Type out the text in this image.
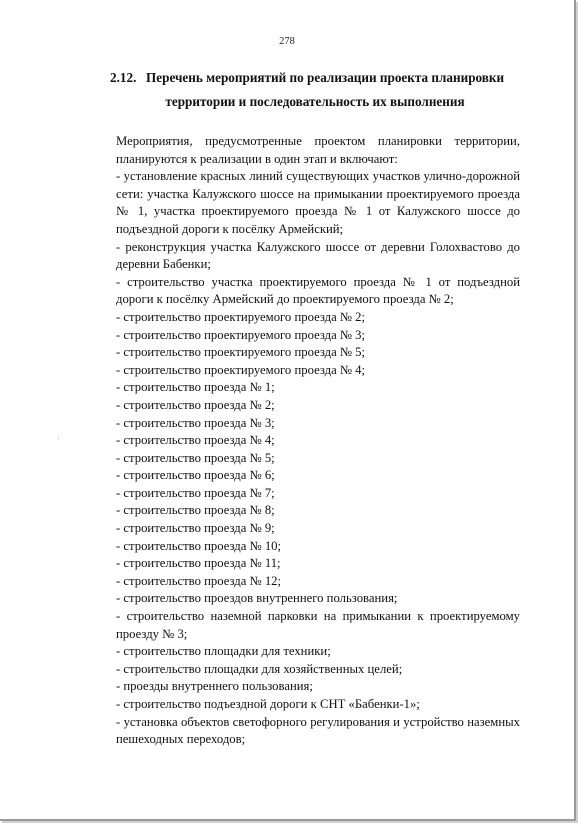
278
2.12. Перечень мероприятий по реализации проекта планировки
территории и последовательность их выполнения

Мероприятия, предусмотренные проектом планировки территории, планируются к реализации в один этап и включают:

- установление красных линий существующих участков улично-дорожной сети: участка Калужского шоссе на примыкании проектируемого проезда № 1, участка проектируемого проезда № 1 от Калужского шоссе до подъездной дороги к посёлку Армейский;

- реконструкция участка Калужского шоссе от деревни Голохвастово до деревни Бабенки;

- строительство участка проектируемого проезда № 1 от подъездной дороги к посёлку Армейский до проектируемого проезда № 2;

- строительство проектируемого проезда № 2;

- строительство проектируемого проезда № 3;

- строительство проектируемого проезда № 5;

- строительство проектируемого проезда № 4;

- строительство проезда № 1;

- строительство проезда № 2;

- строительство проезда № 3;

- строительство проезда № 4;

- строительство проезда № 5;

- строительство проезда № 6;

- строительство проезда № 7;

- строительство проезда № 8;

- строительство проезда № 9;

- строительство проезда № 10;

- строительство проезда № 11;

- строительство проезда № 12;

- строительство проездов внутреннего пользования;

- строительство наземной парковки на примыкании к проектируемому проезду № 3;

- строительство площадки для техники;

- строительство площадки для хозяйственных целей;

- проезды внутреннего пользования;

- строительство подъездной дороги к СНТ «Бабенки-1»;

- установка объектов светофорного регулирования и устройство наземных пешеходных переходов;
